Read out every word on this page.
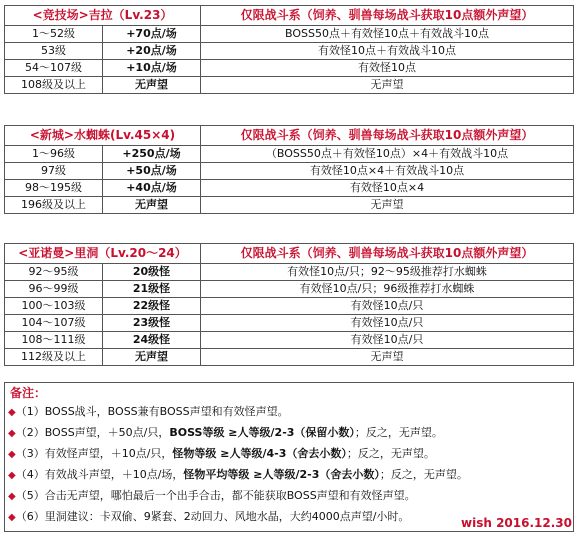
<竞技场>吉拉（Lv.23）		仅限战斗系（饲养、驯兽每场战斗获取10点额外声望）
1～52级	+70点/场	BOSS50点＋有效怪10点＋有效战斗10点
53级	+20点/场	有效怪10点＋有效战斗10点
54～107级	+10点/场	有效怪10点
108级及以上	无声望	无声望
<新城>水蜘蛛(Lv.45×4)		仅限战斗系（饲养、驯兽每场战斗获取10点额外声望）
1～96级	+250点/场	（BOSS50点＋有效怪10点）×4＋有效战斗10点
97级	+50点/场	有效怪10点×4＋有效战斗10点
98～195级	+40点/场	有效怪10点×4
196级及以上	无声望	无声望
<亚诺曼>里洞（Lv.20～24）		仅限战斗系（饲养、驯兽每场战斗获取10点额外声望）
92～95级	20级怪	有效怪10点/只；92～95级推荐打水蜘蛛
96～99级	21级怪	有效怪10点/只；96级推荐打水蜘蛛
100～103级	22级怪	有效怪10点/只
104～107级	23级怪	有效怪10点/只
108～111级	24级怪	有效怪10点/只
112级及以上	无声望	无声望
备注：
◆（1）BOSS战斗，BOSS兼有BOSS声望和有效怪声望。
◆（2）BOSS声望，＋50点/只，BOSS等级 ≥人等级/2-3（保留小数）；反之，无声望。
◆（3）有效怪声望，＋10点/只，怪物等级 ≥人等级/4-3（舍去小数）；反之，无声望。
◆（4）有效战斗声望，＋10点/场，怪物平均等级 ≥人等级/2-3（舍去小数）；反之，无声望。
◆（5）合击无声望，哪怕最后一个出手合击，都不能获取BOSS声望和有效怪声望。
◆（6）里洞建议：卡双偷、9紧套、2动回力、风地水晶，大约4000点声望/小时。	wish 2016.12.30
